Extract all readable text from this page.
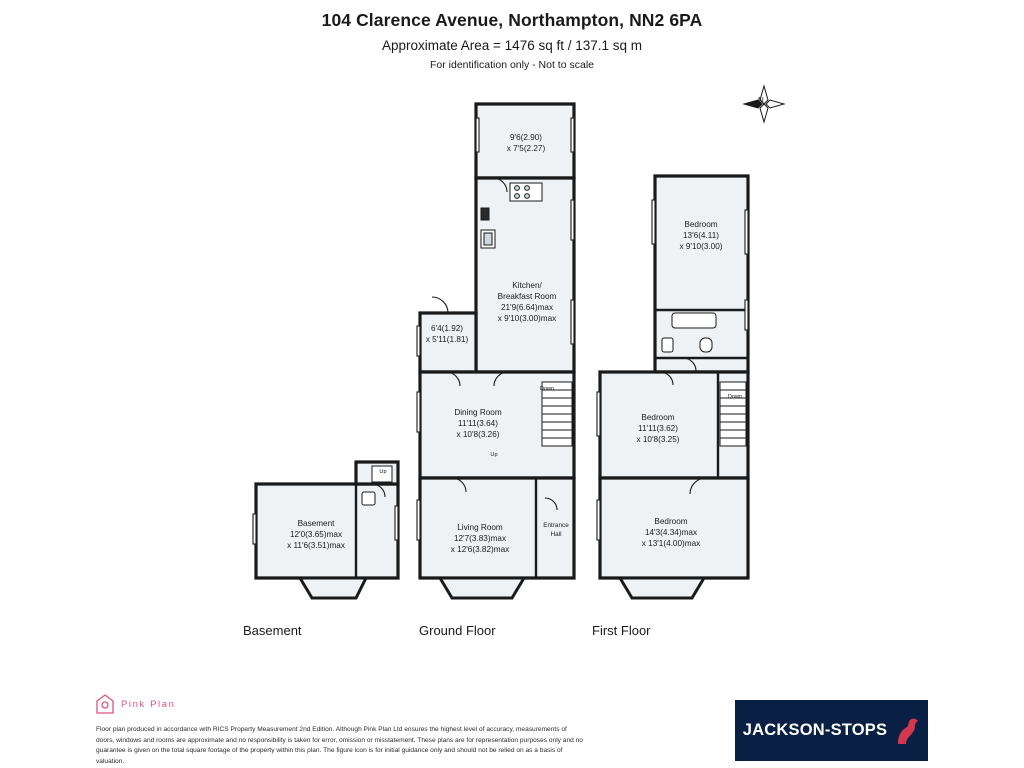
104 Clarence Avenue, Northampton, NN2 6PA
Approximate Area = 1476 sq ft / 137.1 sq m
For identification only - Not to scale
N
9'6(2.90)
x 7'5(2.27)
Kitchen/
Breakfast Room
21'9(6.64)max
x 9'10(3.00)max
6'4(1.92)
x 5'11(1.81)
Dining Room
11'11(3.64)
x 10'8(3.26)
Living Room
12'7(3.83)max
x 12'6(3.82)max
Entrance
Hall
Basement
12'0(3.65)max
x 11'6(3.51)max
Bedroom
13'6(4.11)
x 9'10(3.00)
Bedroom
11'11(3.62)
x 10'8(3.25)
Bedroom
14'3(4.34)max
x 13'1(4.00)max
Down
Up
Down
Up
Basement	Ground Floor	First Floor
Pink Plan
Floor plan produced in accordance with RICS Property Measurement 2nd Edition. Although Pink Plan Ltd ensures the highest level of accuracy, measurements of doors, windows and rooms are approximate and no responsibility is taken for error, omission or misstatement. These plans are for representation purposes only and no guarantee is given on the total square footage of the property within this plan. The figure icon is for initial guidance only and should not be relied on as a basis of valuation.
JACKSON-STOPS
